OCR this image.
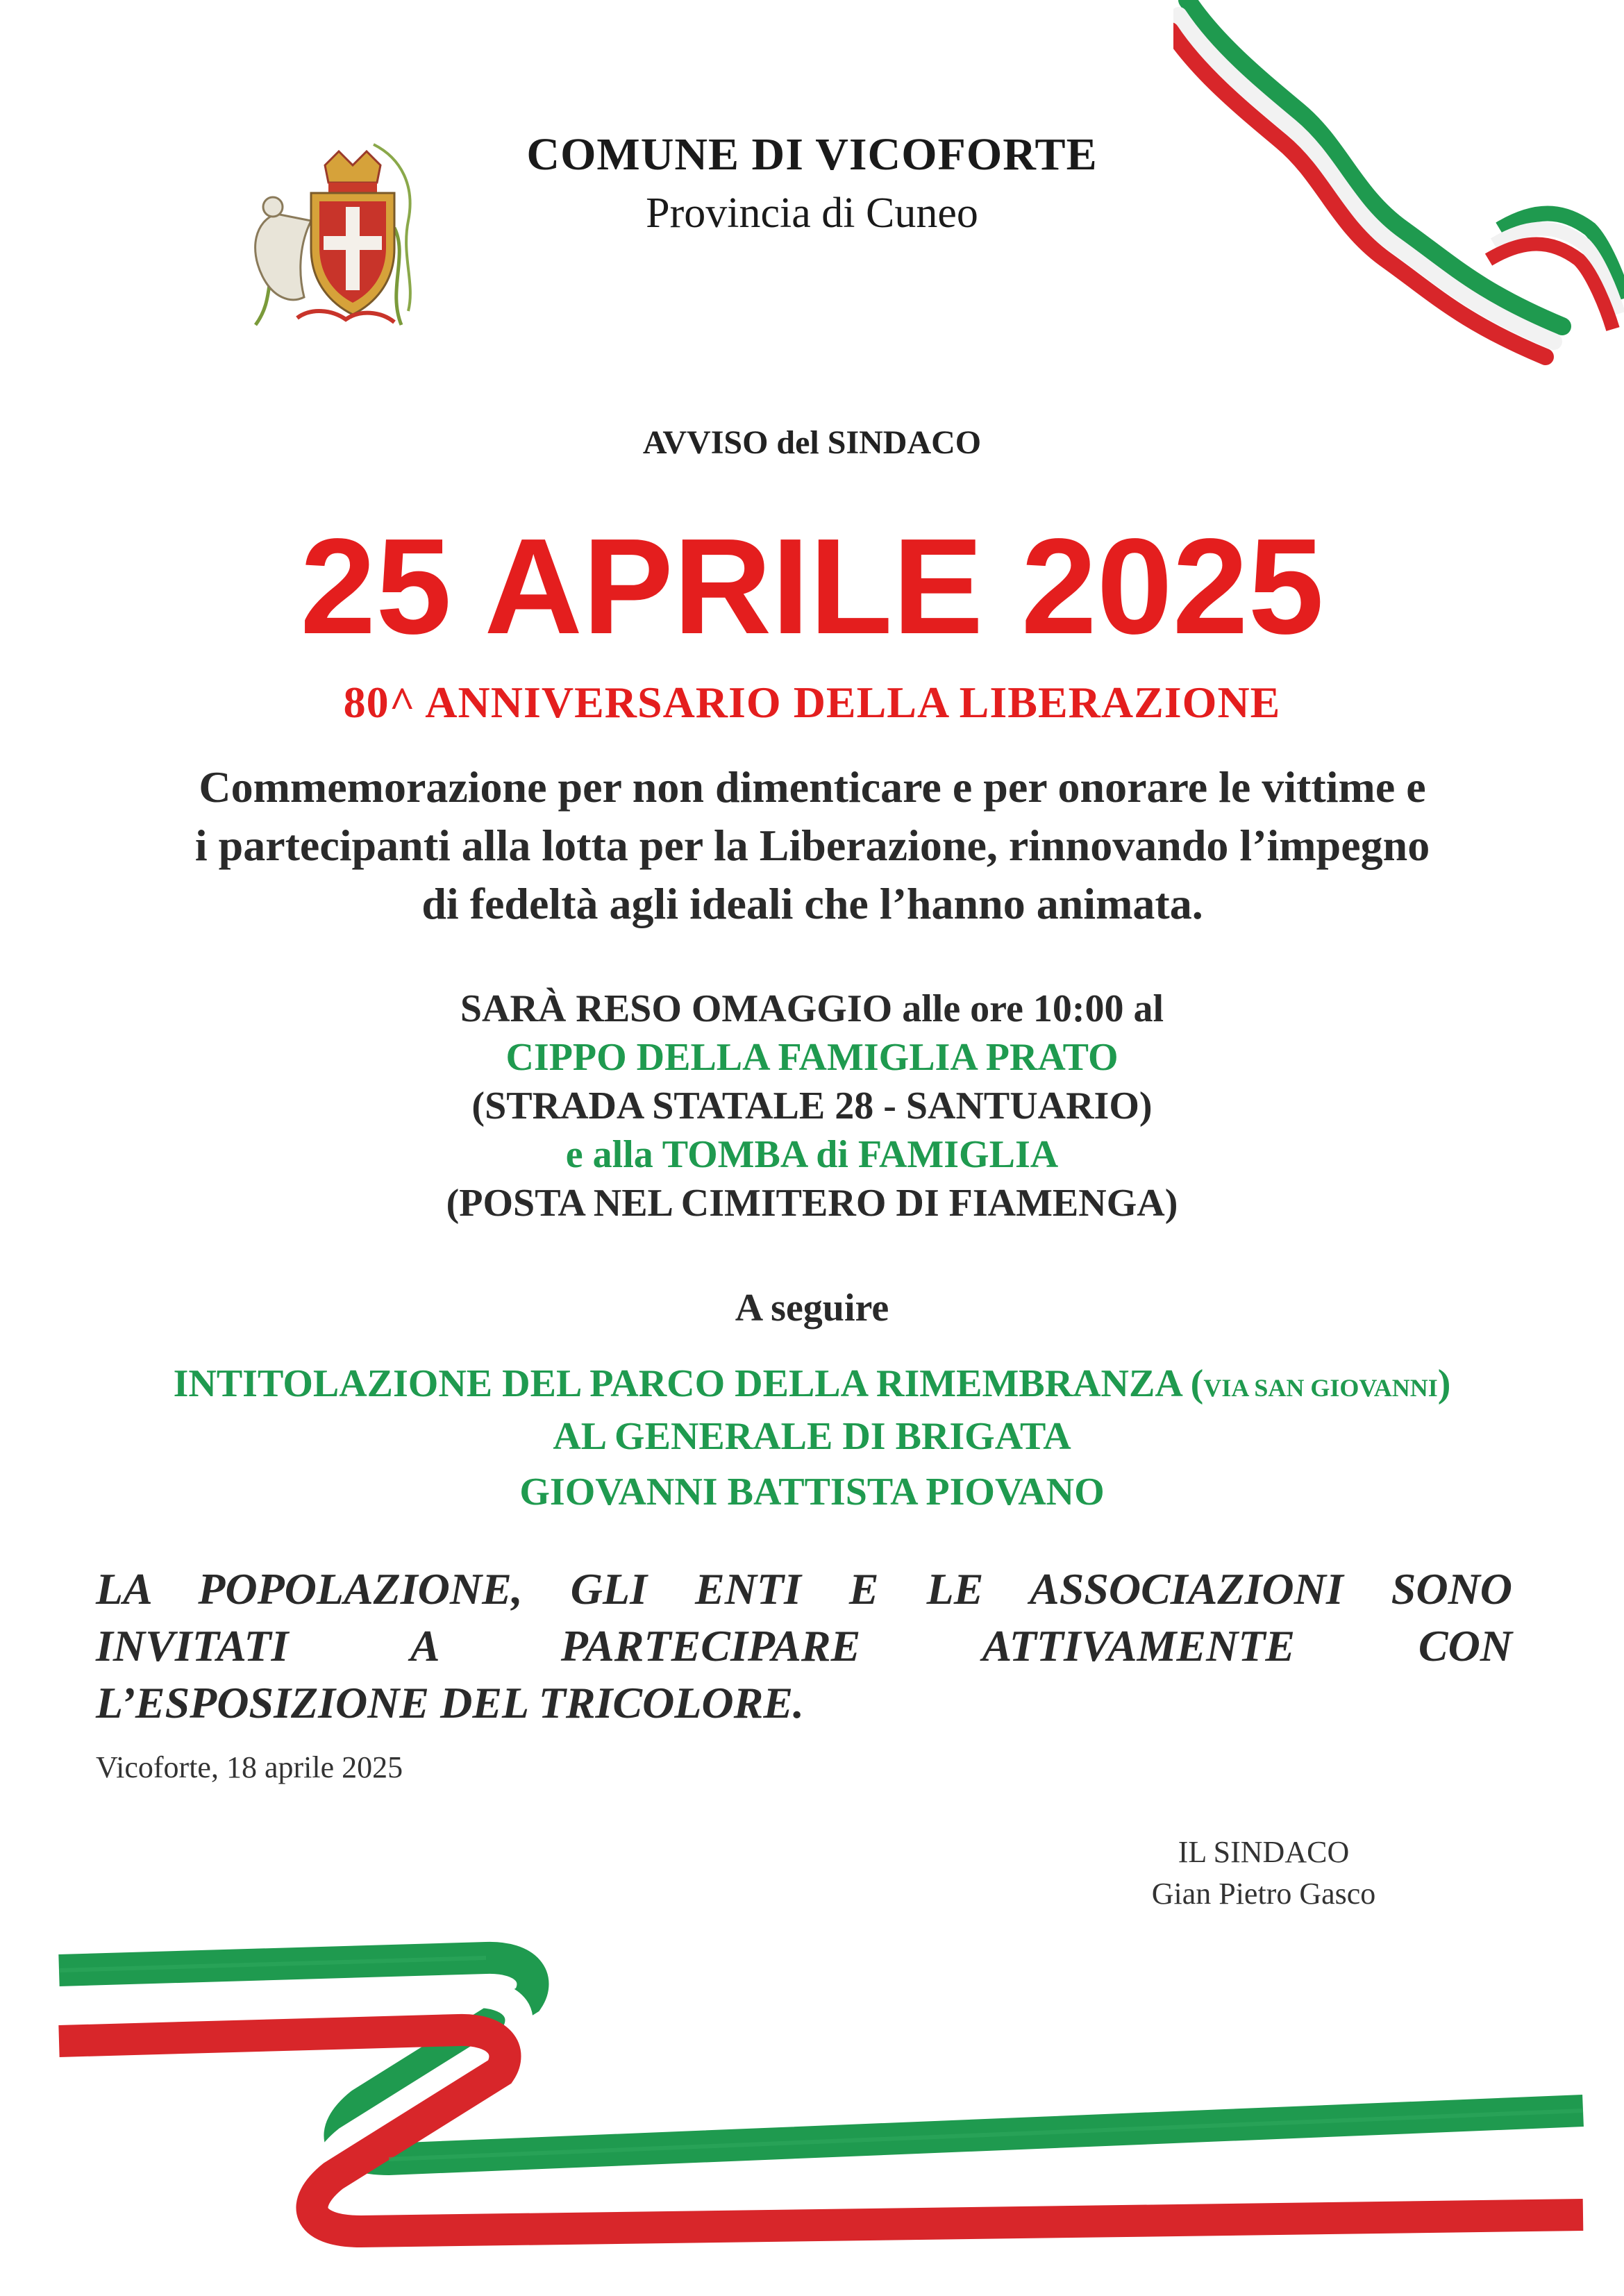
COMUNE DI VICOFORTE
Provincia di Cuneo
AVVISO del SINDACO
25 APRILE 2025
80^ ANNIVERSARIO DELLA LIBERAZIONE
Commemorazione per non dimenticare e per onorare le vittime e
i partecipanti alla lotta per la Liberazione, rinnovando l’impegno
di fedeltà agli ideali che l’hanno animata.
SARÀ RESO OMAGGIO alle ore 10:00 al
CIPPO DELLA FAMIGLIA PRATO
(STRADA STATALE 28 - SANTUARIO)
e alla TOMBA di FAMIGLIA
(POSTA NEL CIMITERO DI FIAMENGA)
A seguire
INTITOLAZIONE DEL PARCO DELLA RIMEMBRANZA (VIA SAN GIOVANNI)
AL GENERALE DI BRIGATA
GIOVANNI BATTISTA PIOVANO
LA POPOLAZIONE, GLI ENTI E LE ASSOCIAZIONI SONO
INVITATI A PARTECIPARE ATTIVAMENTE CON
L’ESPOSIZIONE DEL TRICOLORE.
Vicoforte, 18 aprile 2025
IL SINDACO
Gian Pietro Gasco
